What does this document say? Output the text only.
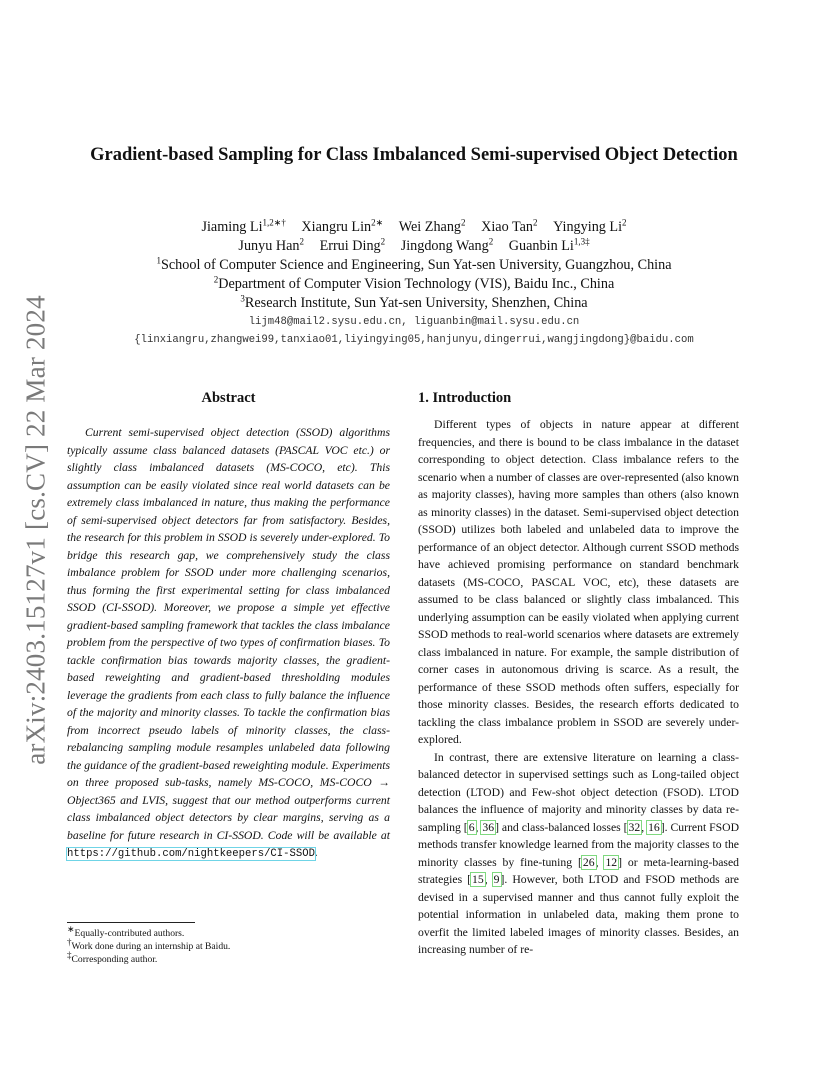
arXiv:2403.15127v1 [cs.CV] 22 Mar 2024
Gradient-based Sampling for Class Imbalanced Semi-supervised Object Detection
Jiaming $Li^{1,2∗\dagger}$ Xiangru Lin$^{2∗}$ Wei Zhang$^2$ Xiao Tan$^2$ Yingying Li$^2$
Junyu Han$^2$ Errui Ding$^2$ Jingdong Wang$^2$ Guanbin $Li^{1,3\ddagger}$
$^1$School of Computer Science and Engineering, Sun Yat-sen University, Guangzhou, China
$^2$Department of Computer Vision Technology (VIS), Baidu Inc., China
$^3$Research Institute, Sun Yat-sen University, Shenzhen, China
lijm48@mail2.sysu.edu.cn, liguanbin@mail.sysu.edu.cn
{linxiangru,zhangwei99,tanxiao01,liyingying05,hanjunyu,dingerrui,wangjingdong}@baidu.com
Abstract
Current semi-supervised object detection (SSOD) algorithms typically assume class balanced datasets (PASCAL VOC etc.) or slightly class imbalanced datasets (MS-COCO, etc). This assumption can be easily violated since real world datasets can be extremely class imbalanced in nature, thus making the performance of semi-supervised object detectors far from satisfactory. Besides, the research for this problem in SSOD is severely under-explored. To bridge this research gap, we comprehensively study the class imbalance problem for SSOD under more challenging scenarios, thus forming the first experimental setting for class imbalanced SSOD (CI-SSOD). Moreover, we propose a simple yet effective gradient-based sampling framework that tackles the class imbalance problem from the perspective of two types of confirmation biases. To tackle confirmation bias towards majority classes, the gradient-based reweighting and gradient-based thresholding modules leverage the gradients from each class to fully balance the influence of the majority and minority classes. To tackle the confirmation bias from incorrect pseudo labels of minority classes, the class-rebalancing sampling module resamples unlabeled data following the guidance of the gradient-based reweighting module. Experiments on three proposed sub-tasks, namely MS-COCO, MS-COCO → Object365 and LVIS, suggest that our method outperforms current class imbalanced object detectors by clear margins, serving as a baseline for future research in CI-SSOD. Code will be available at https://github.com/nightkeepers/CI-SSOD.
1. Introduction

Different types of objects in nature appear at different frequencies, and there is bound to be class imbalance in the dataset corresponding to object detection. Class imbalance refers to the scenario when a number of classes are over-represented (also known as majority classes), having more samples than others (also known as minority classes) in the dataset. Semi-supervised object detection (SSOD) utilizes both labeled and unlabeled data to improve the performance of an object detector. Although current SSOD methods have achieved promising performance on standard benchmark datasets (MS-COCO, PASCAL VOC, etc), these datasets are assumed to be class balanced or slightly class imbalanced. This underlying assumption can be easily violated when applying current SSOD methods to real-world scenarios where datasets are extremely class imbalanced in nature. For example, the sample distribution of corner cases in autonomous driving is scarce. As a result, the performance of these SSOD methods often suffers, especially for those minority classes. Besides, the research efforts dedicated to tackling the class imbalance problem in SSOD are severely under-explored.

In contrast, there are extensive literature on learning a class-balanced detector in supervised settings such as Long-tailed object detection (LTOD) and Few-shot object detection (FSOD). LTOD balances the influence of majority and minority classes by data re-sampling [6, 36] and class-balanced losses [32, 16]. Current FSOD methods transfer knowledge learned from the majority classes to the minority classes by fine-tuning [26, 12] or meta-learning-based strategies [15, 9]. However, both LTOD and FSOD methods are devised in a supervised manner and thus cannot fully exploit the potential information in unlabeled data, making them prone to overfit the limited labeled images of minority classes. Besides, an increasing number of re-

∗Equally-contributed authors.
†Work done during an internship at Baidu.
‡Corresponding author.
